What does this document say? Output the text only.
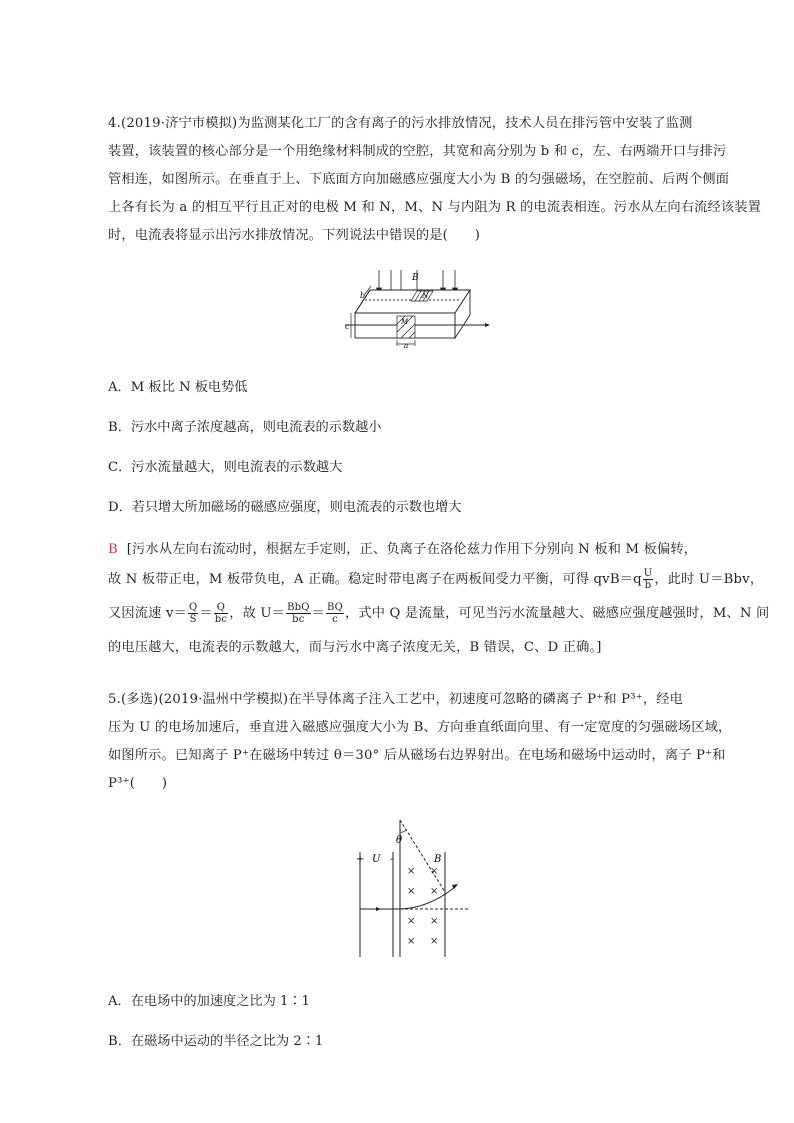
4.(2019·济宁市模拟)为监测某化工厂的含有离子的污水排放情况，技术人员在排污管中安装了监测
装置，该装置的核心部分是一个用绝缘材料制成的空腔，其宽和高分别为 b 和 c，左、右两端开口与排污
管相连，如图所示。在垂直于上、下底面方向加磁感应强度大小为 B 的匀强磁场，在空腔前、后两个侧面
上各有长为 a 的相互平行且正对的电极 M 和 N，M、N 与内阻为 R 的电流表相连。污水从左向右流经该装置
时，电流表将显示出污水排放情况。下列说法中错误的是(　　)
B
b
c
N
M
a
A．M 板比 N 板电势低
B．污水中离子浓度越高，则电流表的示数越小
C．污水流量越大，则电流表的示数越大
D．若只增大所加磁场的磁感应强度，则电流表的示数也增大
B [污水从左向右流动时，根据左手定则，正、负离子在洛伦兹力作用下分别向 N 板和 M 板偏转，
故 N 板带正电，M 板带负电，A 正确。稳定时带电离子在两板间受力平衡，可得 $qvB=q \frac{U}{b}$ ，此时 U＝Bbv，
又因流速 $v= \frac{Q}{S} = \frac{Q}{bc}$ ，故 $U= \frac{\text{BbQ}}{bc} = \frac{BQ}{c}$ ，式中 Q 是流量，可见当污水流量越大、磁感应强度越强时，M、N 间
的电压越大，电流表的示数越大，而与污水中离子浓度无关，B 错误，C、D 正确。]
5.(多选)(2019·温州中学模拟)在半导体离子注入工艺中，初速度可忽略的磷离子 P⁺和 P³⁺，经电
压为 U 的电场加速后，垂直进入磁感应强度大小为 B、方向垂直纸面向里、有一定宽度的匀强磁场区域，
如图所示。已知离子 P⁺在磁场中转过 θ＝30° 后从磁场右边界射出。在电场和磁场中运动时，离子 P⁺和
P³⁺(　　)
θ
+ U -	B
× ×
× ×
× ×
× ×
A．在电场中的加速度之比为 1∶1
B．在磁场中运动的半径之比为 2∶1
